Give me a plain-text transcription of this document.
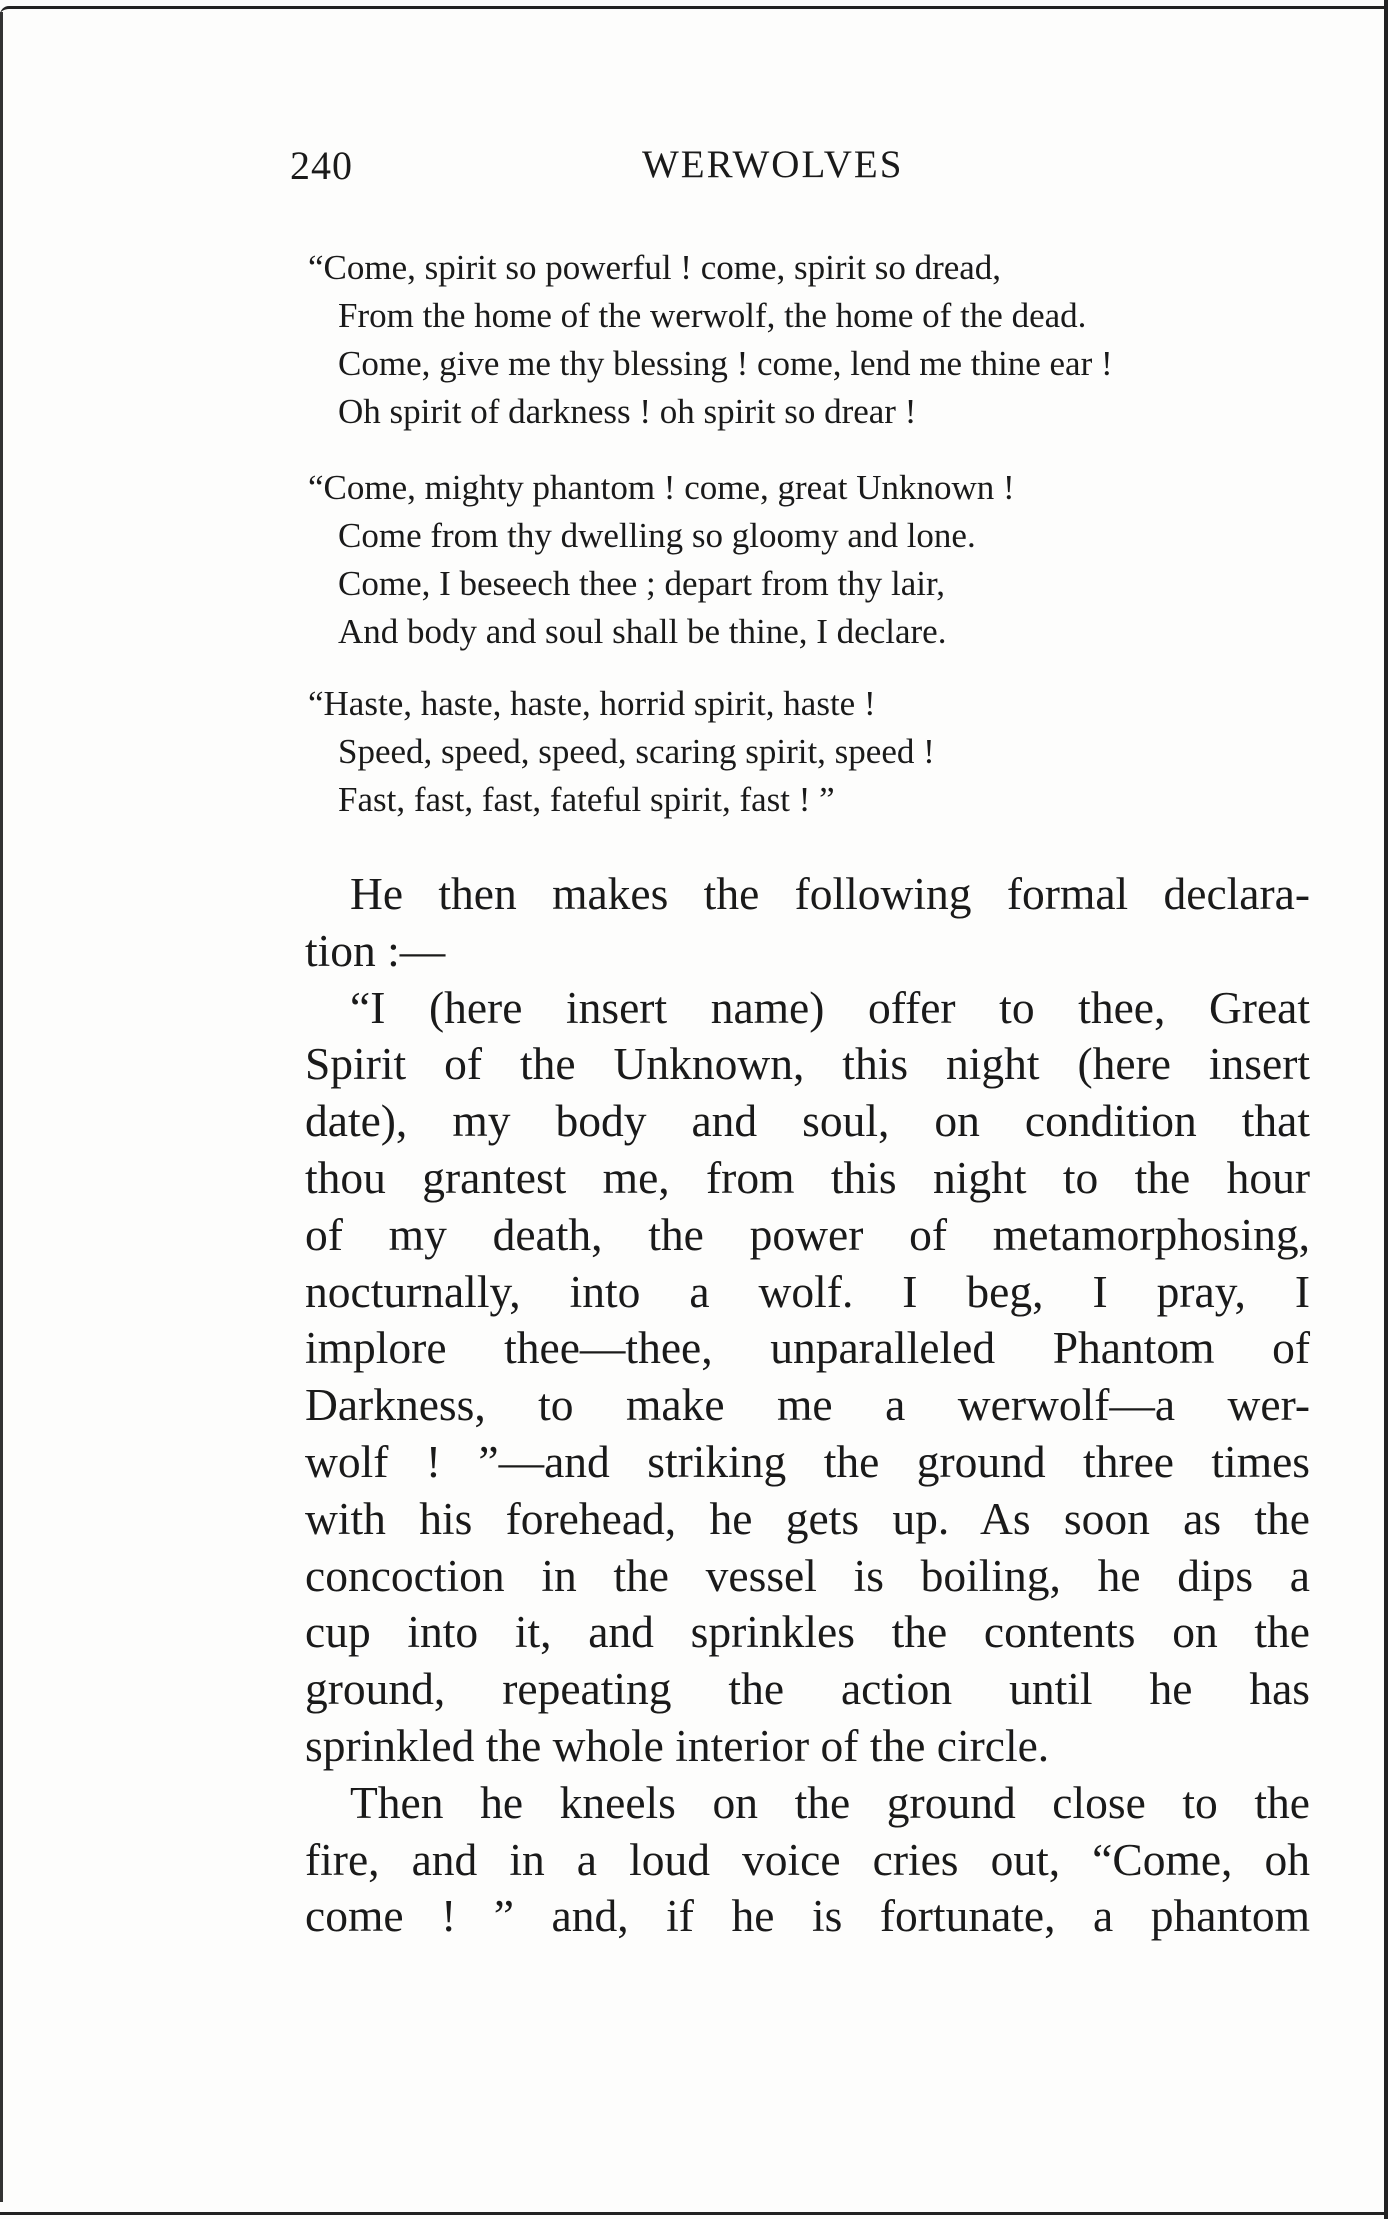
240	WERWOLVES
“Come, spirit so powerful ! come, spirit so dread,
From the home of the werwolf, the home of the dead.
Come, give me thy blessing ! come, lend me thine ear !
Oh spirit of darkness ! oh spirit so drear !
“Come, mighty phantom ! come, great Unknown !
Come from thy dwelling so gloomy and lone.
Come, I beseech thee ; depart from thy lair,
And body and soul shall be thine, I declare.
“Haste, haste, haste, horrid spirit, haste !
Speed, speed, speed, scaring spirit, speed !
Fast, fast, fast, fateful spirit, fast ! ”
He then makes the following formal declara-
tion :—
“I (here insert name) offer to thee, Great
Spirit of the Unknown, this night (here insert
date), my body and soul, on condition that
thou grantest me, from this night to the hour
of my death, the power of metamorphosing,
nocturnally, into a wolf. I beg, I pray, I
implore thee—thee, unparalleled Phantom of
Darkness, to make me a werwolf—a wer-
wolf ! ”—and striking the ground three times
with his forehead, he gets up. As soon as the
concoction in the vessel is boiling, he dips a
cup into it, and sprinkles the contents on the
ground, repeating the action until he has
sprinkled the whole interior of the circle.
Then he kneels on the ground close to the
fire, and in a loud voice cries out, “Come, oh
come ! ” and, if he is fortunate, a phantom
